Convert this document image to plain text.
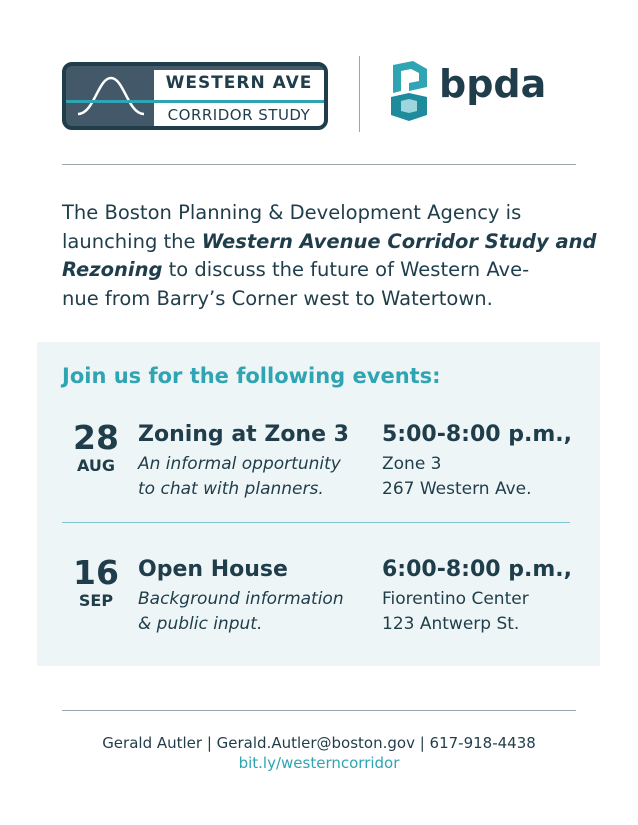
WESTERN AVE
CORRIDOR STUDY
bpda
The Boston Planning & Development Agency is
launching the Western Avenue Corridor Study and
Rezoning to discuss the future of Western Ave-
nue from Barry’s Corner west to Watertown.
Join us for the following events:
28
AUG
Zoning at Zone 3
An informal opportunity
to chat with planners.
5:00-8:00 p.m.,
Zone 3
267 Western Ave.
16
SEP
Open House
Background information
& public input.
6:00-8:00 p.m.,
Fiorentino Center
123 Antwerp St.
Gerald Autler | Gerald.Autler@boston.gov | 617-918-4438
bit.ly/westerncorridor
